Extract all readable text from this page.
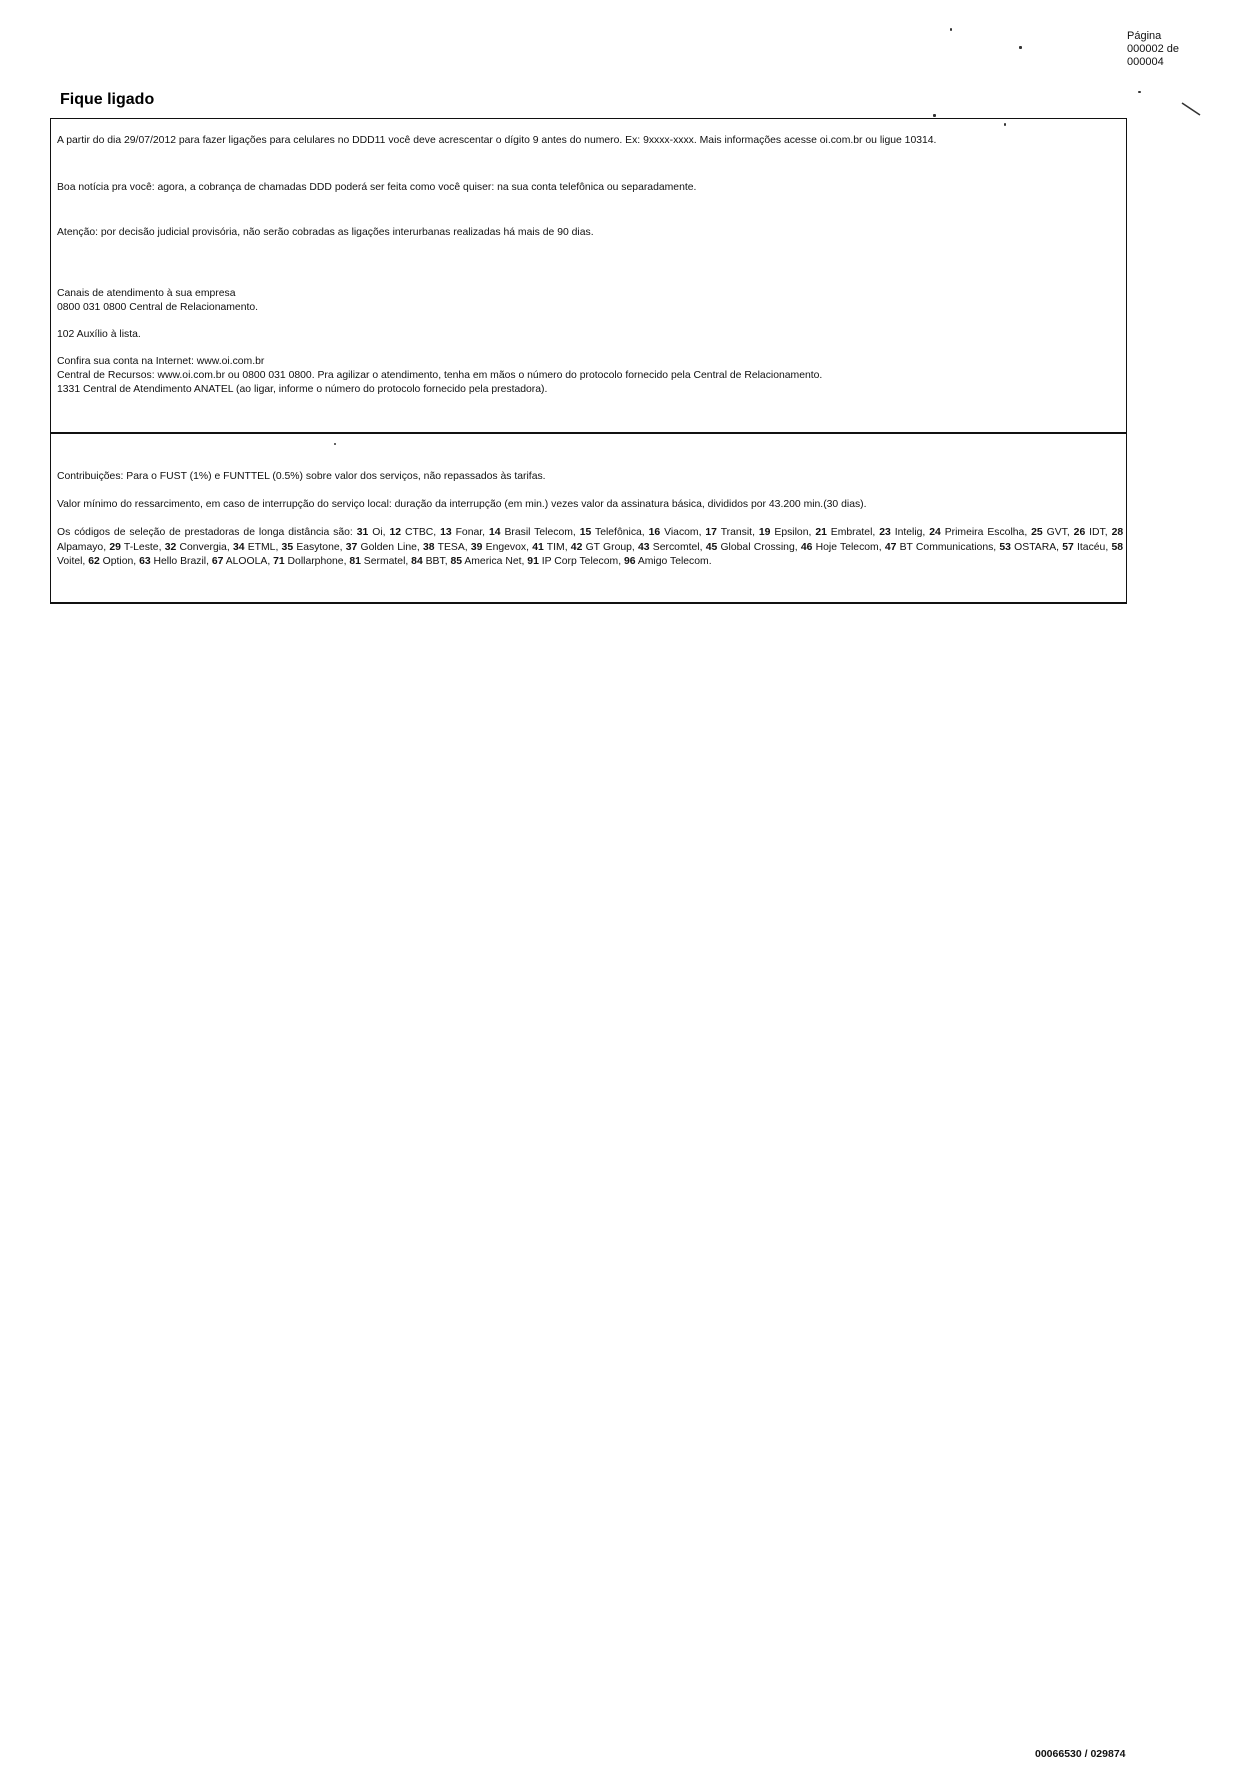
Página
000002 de
000004
Fique ligado
A partir do dia 29/07/2012 para fazer ligações para celulares no DDD11 você deve acrescentar o dígito 9 antes do numero. Ex: 9xxxx-xxxx. Mais informações acesse oi.com.br ou ligue 10314.
Boa notícia pra você: agora, a cobrança de chamadas DDD poderá ser feita como você quiser: na sua conta telefônica ou separadamente.
Atenção: por decisão judicial provisória, não serão cobradas as ligações interurbanas realizadas há mais de 90 dias.
Canais de atendimento à sua empresa
0800 031 0800 Central de Relacionamento.
102 Auxílio à lista.
Confira sua conta na Internet: www.oi.com.br
Central de Recursos: www.oi.com.br ou 0800 031 0800. Pra agilizar o atendimento, tenha em mãos o número do protocolo fornecido pela Central de Relacionamento.
1331 Central de Atendimento ANATEL (ao ligar, informe o número do protocolo fornecido pela prestadora).
Contribuições: Para o FUST (1%) e FUNTTEL (0.5%) sobre valor dos serviços, não repassados às tarifas.
Valor mínimo do ressarcimento, em caso de interrupção do serviço local: duração da interrupção (em min.) vezes valor da assinatura básica, divididos por 43.200 min.(30 dias).
Os códigos de seleção de prestadoras de longa distância são: 31 Oi, 12 CTBC, 13 Fonar, 14 Brasil Telecom, 15 Telefônica, 16 Viacom, 17 Transit, 19 Epsilon, 21 Embratel, 23 Intelig, 24 Primeira Escolha, 25 GVT, 26 IDT, 28 Alpamayo, 29 T-Leste, 32 Convergia, 34 ETML, 35 Easytone, 37 Golden Line, 38 TESA, 39 Engevox, 41 TIM, 42 GT Group, 43 Sercomtel, 45 Global Crossing, 46 Hoje Telecom, 47 BT Communications, 53 OSTARA, 57 Itacéu, 58 Voitel, 62 Option, 63 Hello Brazil, 67 ALOOLA, 71 Dollarphone, 81 Sermatel, 84 BBT, 85 America Net, 91 IP Corp Telecom, 96 Amigo Telecom.
00066530 / 029874
